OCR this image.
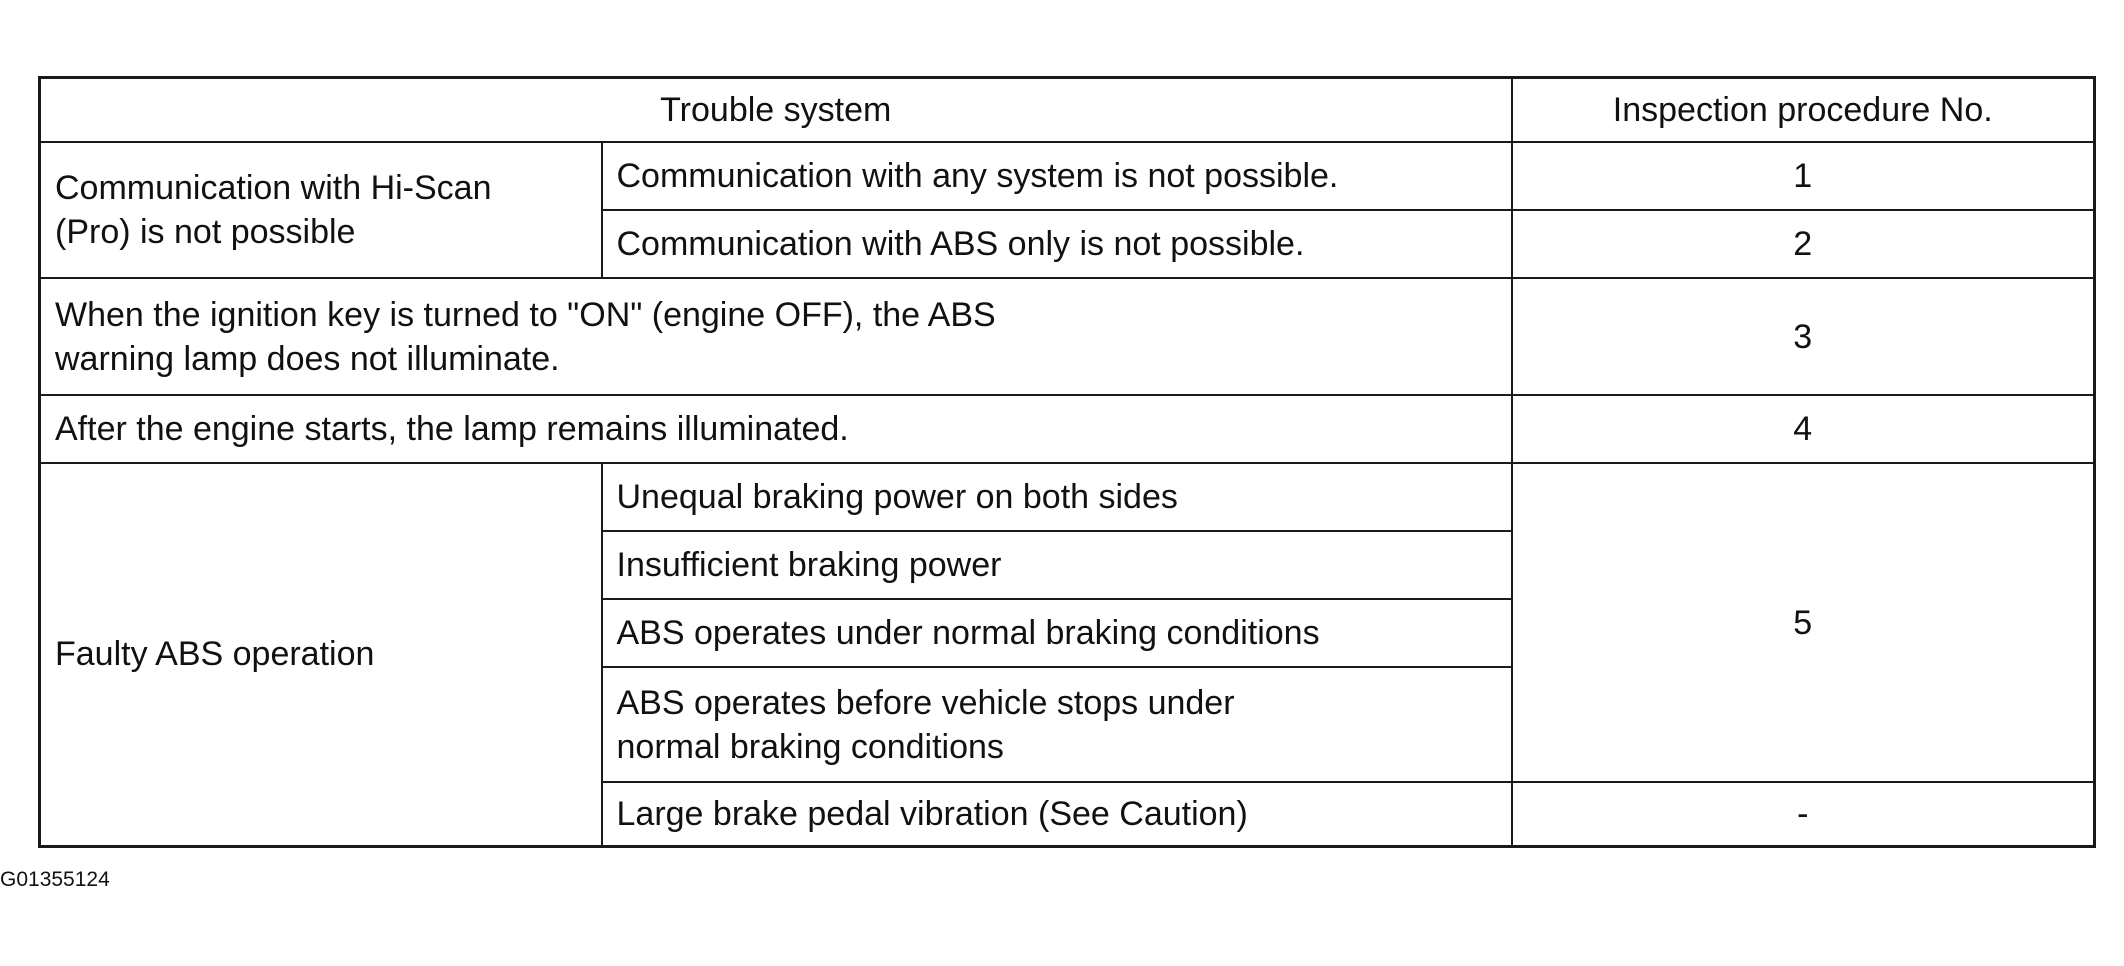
Trouble system		Inspection procedure No.

Communication with Hi-Scan
(Pro) is not possible	Communication with any system is not possible.	1
	Communication with ABS only is not possible.	2

When the ignition key is turned to "ON" (engine OFF), the ABS
warning lamp does not illuminate.		3
After the engine starts, the lamp remains illuminated.		4
Faulty ABS operation	Unequal braking power on both sides	5
	Insufficient braking power	
	ABS operates under normal braking conditions	

	ABS operates before vehicle stops under
normal braking conditions	

	Large brake pedal vibration (See Caution)	-
G01355124
